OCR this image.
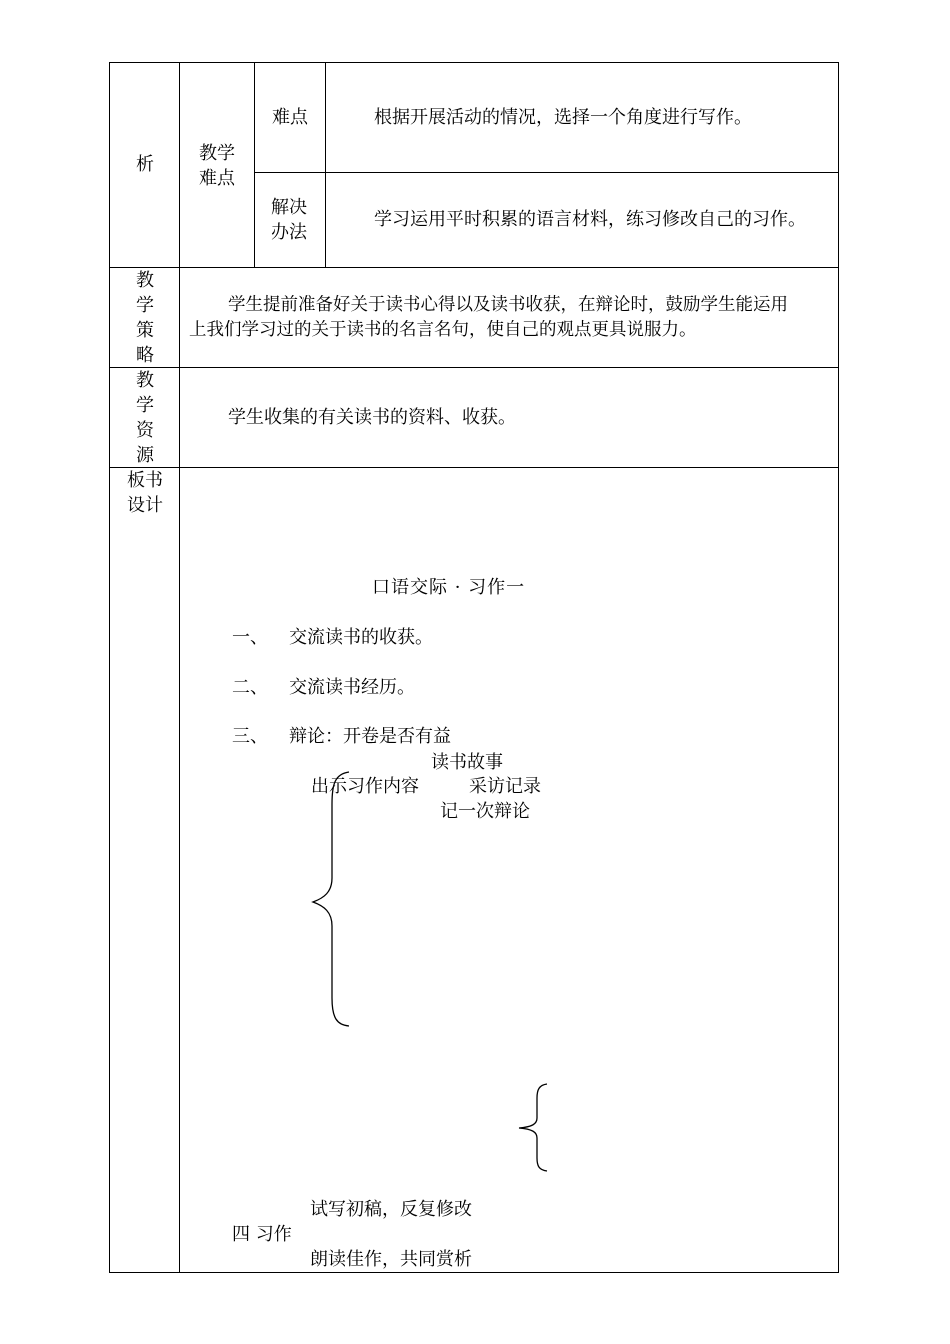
析
教学
难点
难点	根据开展活动的情况，选择一个角度进行写作。
解决
办法
学习运用平时积累的语言材料，练习修改自己的习作。
教
学
策
略
学生提前准备好关于读书心得以及读书收获，在辩论时，鼓励学生能运用
上我们学习过的关于读书的名言名句，使自己的观点更具说服力。
教
学
资
源
学生收集的有关读书的资料、收获。
板书
设计
口语交际 · 习作一
一、 交流读书的收获。
二、 交流读书经历。
三、 辩论：开卷是否有益
读书故事
出示习作内容	采访记录
记一次辩论
试写初稿，反复修改
四 习作
朗读佳作，共同赏析
